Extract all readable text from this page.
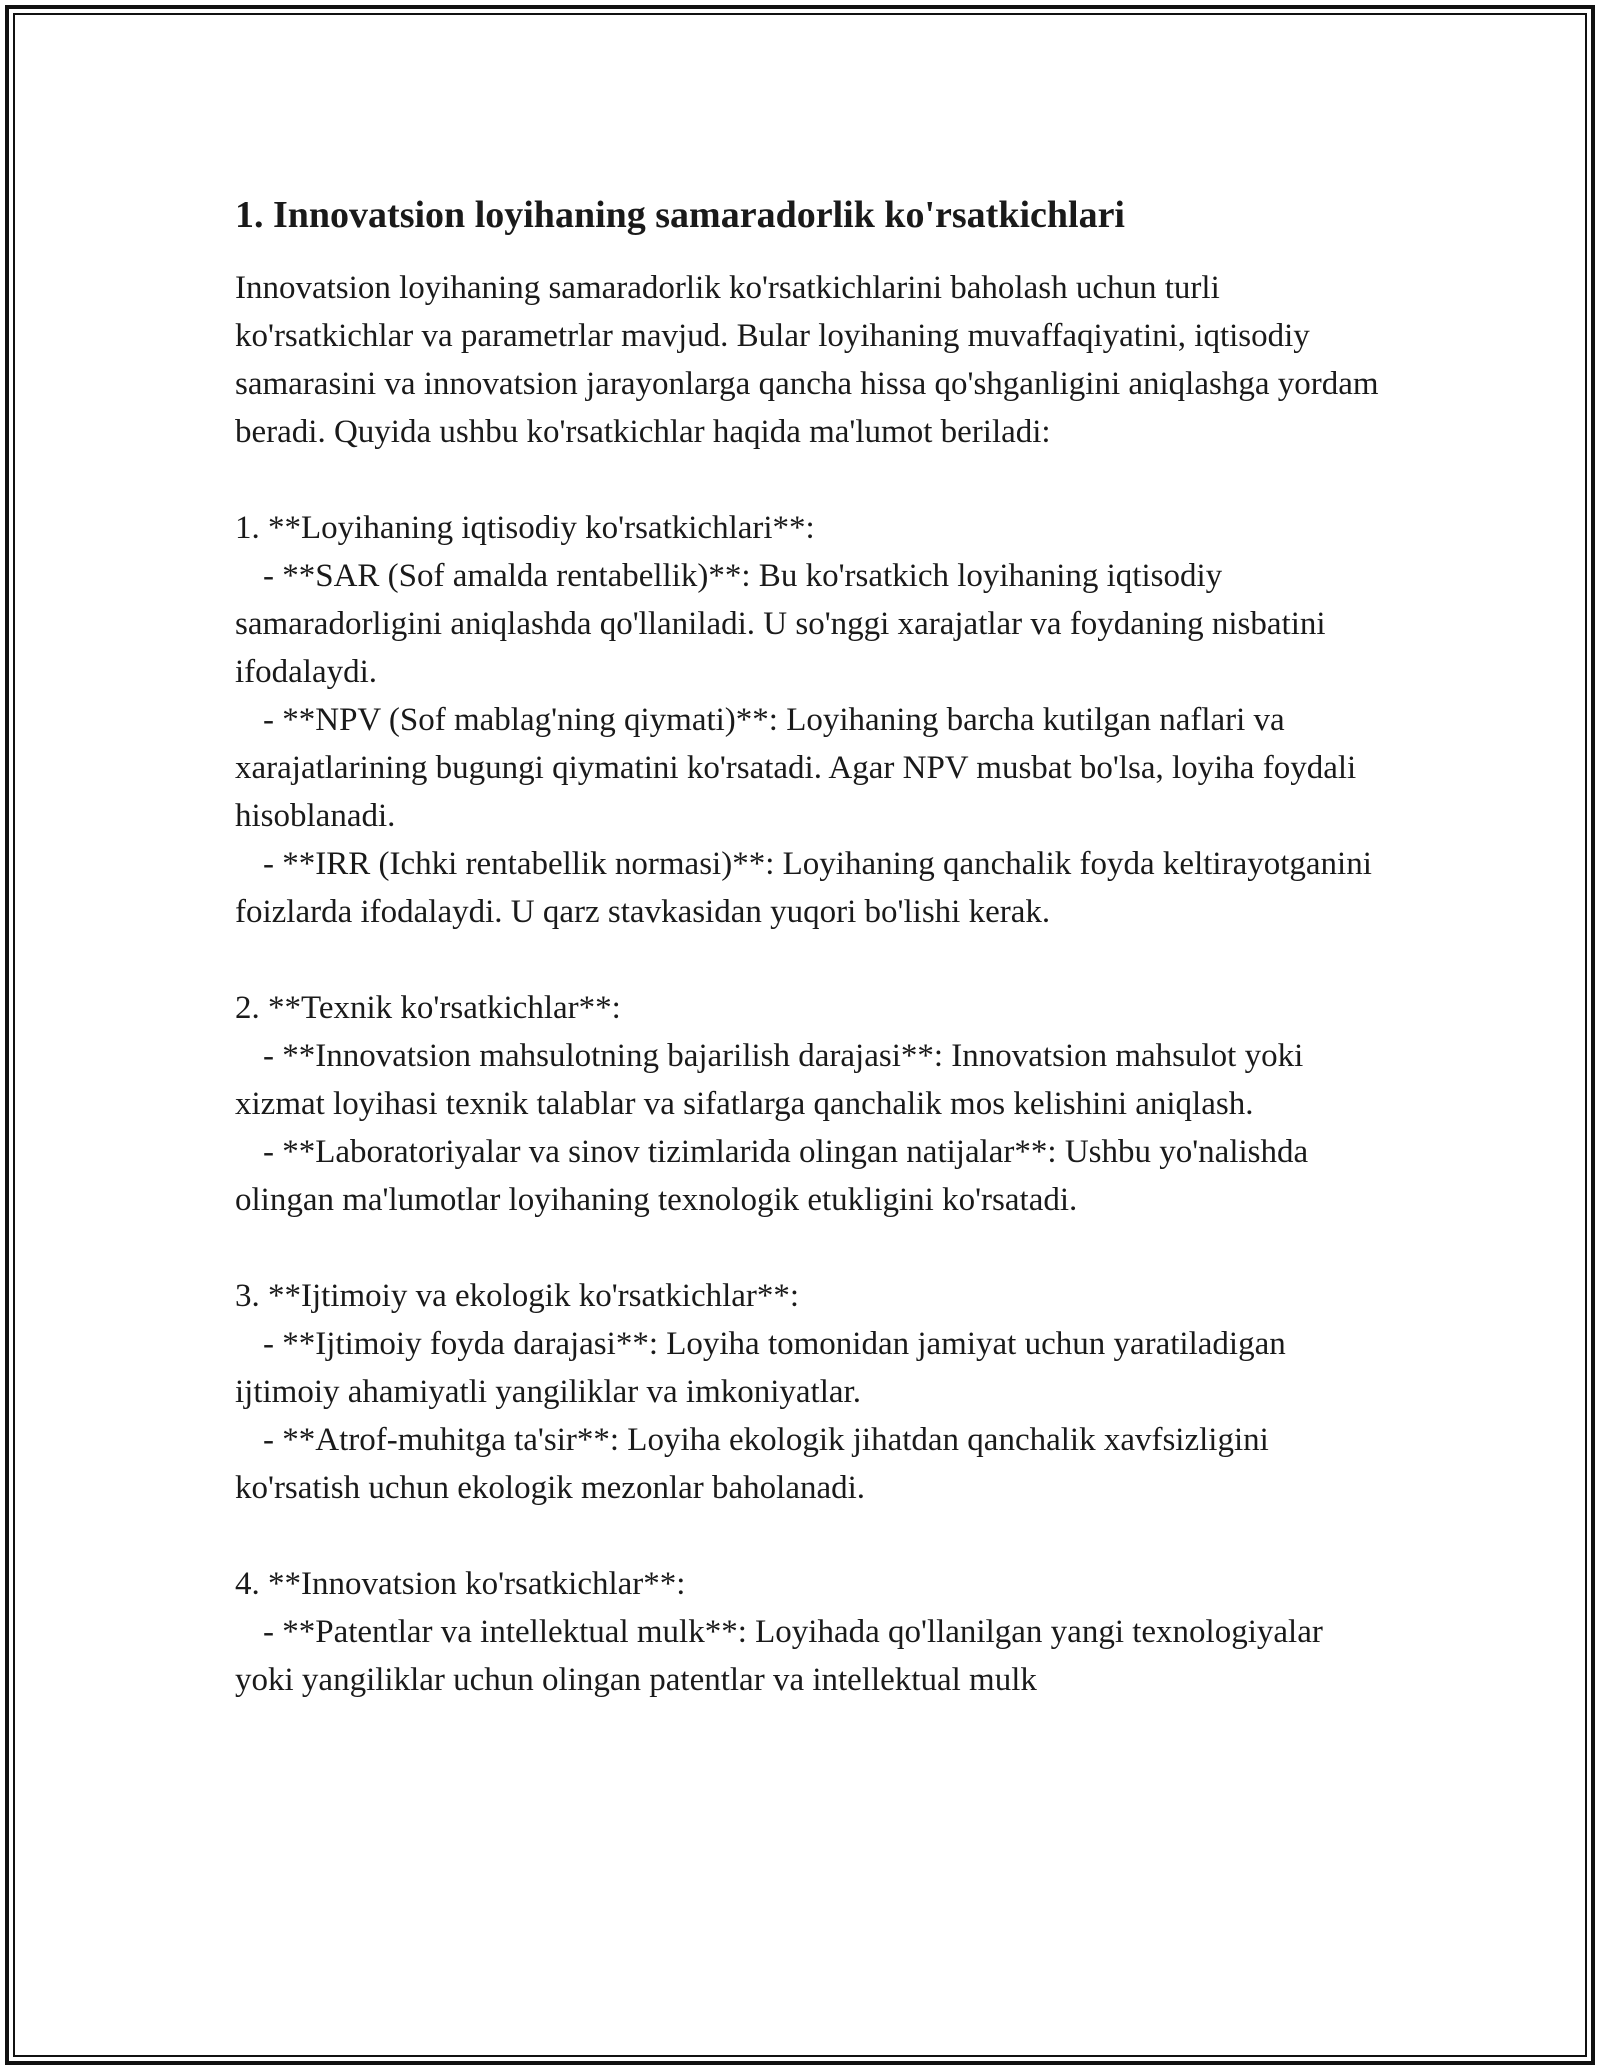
1. Innovatsion loyihaning samaradorlik ko'rsatkichlari

Innovatsion loyihaning samaradorlik ko'rsatkichlarini baholash uchun turli ko'rsatkichlar va parametrlar mavjud. Bular loyihaning muvaffaqiyatini, iqtisodiy samarasini va innovatsion jarayonlarga qancha hissa qo'shganligini aniqlashga yordam beradi. Quyida ushbu ko'rsatkichlar haqida ma'lumot beriladi:

1. **Loyihaning iqtisodiy ko'rsatkichlari**:

- **SAR (Sof amalda rentabellik)**: Bu ko'rsatkich loyihaning iqtisodiy samaradorligini aniqlashda qo'llaniladi. U so'nggi xarajatlar va foydaning nisbatini ifodalaydi.

- **NPV (Sof mablag'ning qiymati)**: Loyihaning barcha kutilgan naflari va xarajatlarining bugungi qiymatini ko'rsatadi. Agar NPV musbat bo'lsa, loyiha foydali hisoblanadi.

- **IRR (Ichki rentabellik normasi)**: Loyihaning qanchalik foyda keltirayotganini foizlarda ifodalaydi. U qarz stavkasidan yuqori bo'lishi kerak.

2. **Texnik ko'rsatkichlar**:

- **Innovatsion mahsulotning bajarilish darajasi**: Innovatsion mahsulot yoki xizmat loyihasi texnik talablar va sifatlarga qanchalik mos kelishini aniqlash.

- **Laboratoriyalar va sinov tizimlarida olingan natijalar**: Ushbu yo'nalishda olingan ma'lumotlar loyihaning texnologik etukligini ko'rsatadi.

3. **Ijtimoiy va ekologik ko'rsatkichlar**:

- **Ijtimoiy foyda darajasi**: Loyiha tomonidan jamiyat uchun yaratiladigan ijtimoiy ahamiyatli yangiliklar va imkoniyatlar.

- **Atrof-muhitga ta'sir**: Loyiha ekologik jihatdan qanchalik xavfsizligini ko'rsatish uchun ekologik mezonlar baholanadi.

4. **Innovatsion ko'rsatkichlar**:

- **Patentlar va intellektual mulk**: Loyihada qo'llanilgan yangi texnologiyalar yoki yangiliklar uchun olingan patentlar va intellektual mulk
